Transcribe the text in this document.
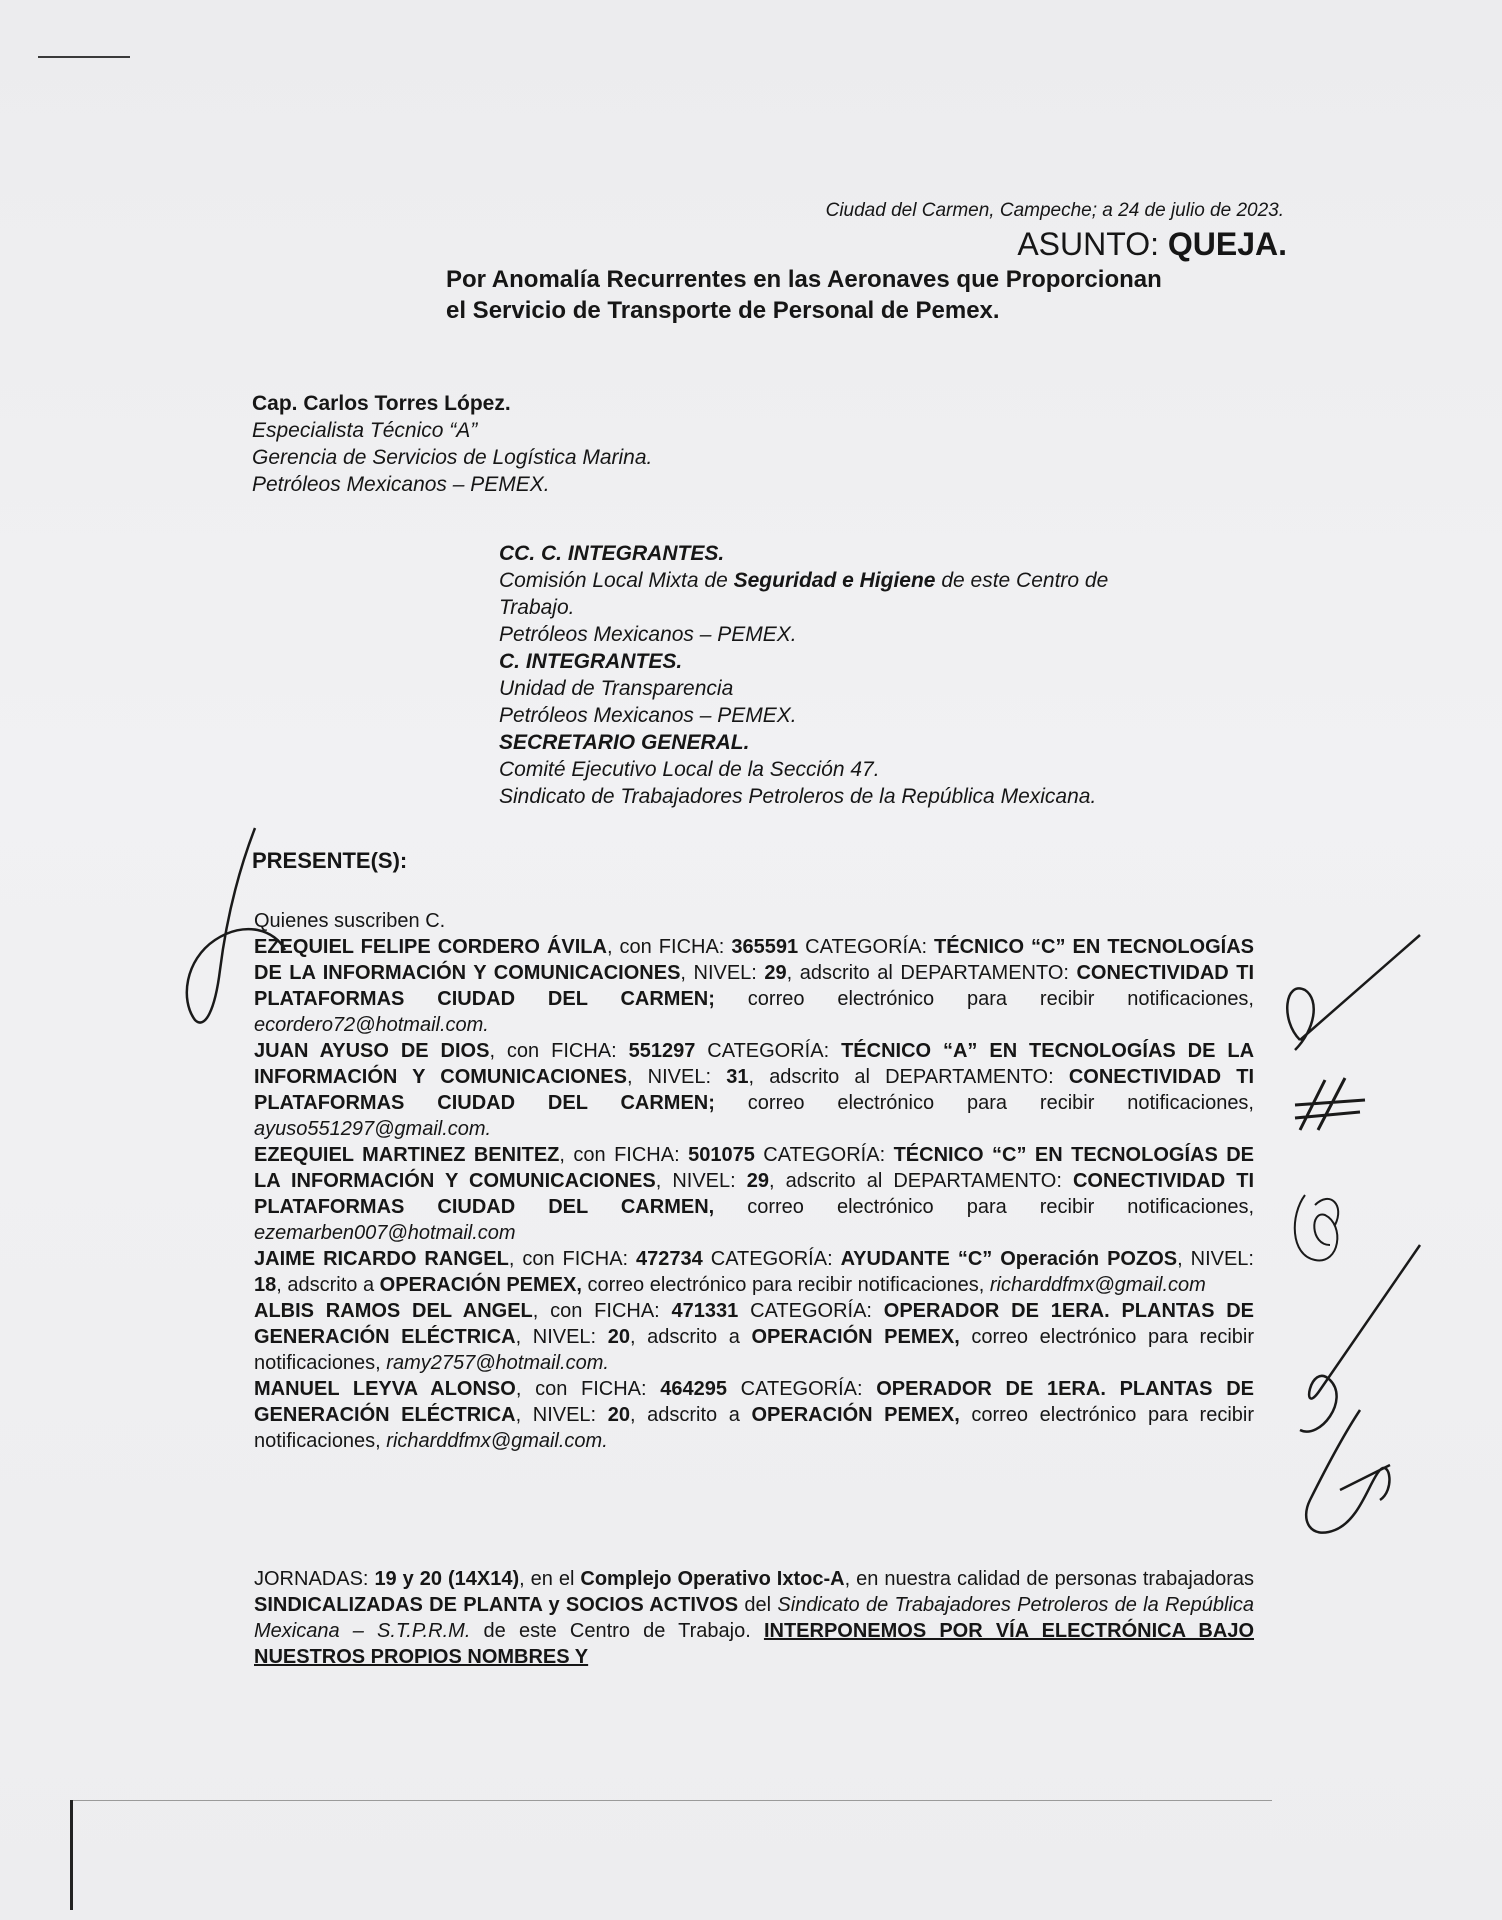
Ciudad del Carmen, Campeche; a 24 de julio de 2023.
ASUNTO: QUEJA.
Por Anomalía Recurrentes en las Aeronaves que Proporcionan
el Servicio de Transporte de Personal de Pemex.
Cap. Carlos Torres López.
Especialista Técnico “A”
Gerencia de Servicios de Logística Marina.
Petróleos Mexicanos – PEMEX.
CC. C. INTEGRANTES.
Comisión Local Mixta de Seguridad e Higiene de este Centro de
Trabajo.
Petróleos Mexicanos – PEMEX.
C. INTEGRANTES.
Unidad de Transparencia
Petróleos Mexicanos – PEMEX.
SECRETARIO GENERAL.
Comité Ejecutivo Local de la Sección 47.
Sindicato de Trabajadores Petroleros de la República Mexicana.
PRESENTE(S):

Quienes suscriben C.

EZEQUIEL FELIPE CORDERO ÁVILA, con FICHA: 365591 CATEGORÍA: TÉCNICO “C” EN TECNOLOGÍAS DE LA INFORMACIÓN Y COMUNICACIONES, NIVEL: 29, adscrito al DEPARTAMENTO: CONECTIVIDAD TI PLATAFORMAS CIUDAD DEL CARMEN; correo electrónico para recibir notificaciones, ecordero72@hotmail.com.

JUAN AYUSO DE DIOS, con FICHA: 551297 CATEGORÍA: TÉCNICO “A” EN TECNOLOGÍAS DE LA INFORMACIÓN Y COMUNICACIONES, NIVEL: 31, adscrito al DEPARTAMENTO: CONECTIVIDAD TI PLATAFORMAS CIUDAD DEL CARMEN; correo electrónico para recibir notificaciones, ayuso551297@gmail.com.

EZEQUIEL MARTINEZ BENITEZ, con FICHA: 501075 CATEGORÍA: TÉCNICO “C” EN TECNOLOGÍAS DE LA INFORMACIÓN Y COMUNICACIONES, NIVEL: 29, adscrito al DEPARTAMENTO: CONECTIVIDAD TI PLATAFORMAS CIUDAD DEL CARMEN, correo electrónico para recibir notificaciones, ezemarben007@hotmail.com

JAIME RICARDO RANGEL, con FICHA: 472734 CATEGORÍA: AYUDANTE “C” Operación POZOS, NIVEL: 18, adscrito a OPERACIÓN PEMEX, correo electrónico para recibir notificaciones, richarddfmx@gmail.com

ALBIS RAMOS DEL ANGEL, con FICHA: 471331 CATEGORÍA: OPERADOR DE 1ERA. PLANTAS DE GENERACIÓN ELÉCTRICA, NIVEL: 20, adscrito a OPERACIÓN PEMEX, correo electrónico para recibir notificaciones, ramy2757@hotmail.com.

MANUEL LEYVA ALONSO, con FICHA: 464295 CATEGORÍA: OPERADOR DE 1ERA. PLANTAS DE GENERACIÓN ELÉCTRICA, NIVEL: 20, adscrito a OPERACIÓN PEMEX, correo electrónico para recibir notificaciones, richarddfmx@gmail.com.

JORNADAS: 19 y 20 (14X14), en el Complejo Operativo Ixtoc-A, en nuestra calidad de personas trabajadoras SINDICALIZADAS DE PLANTA y SOCIOS ACTIVOS del Sindicato de Trabajadores Petroleros de la República Mexicana – S.T.P.R.M. de este Centro de Trabajo. INTERPONEMOS POR VÍA ELECTRÓNICA BAJO NUESTROS PROPIOS NOMBRES Y
